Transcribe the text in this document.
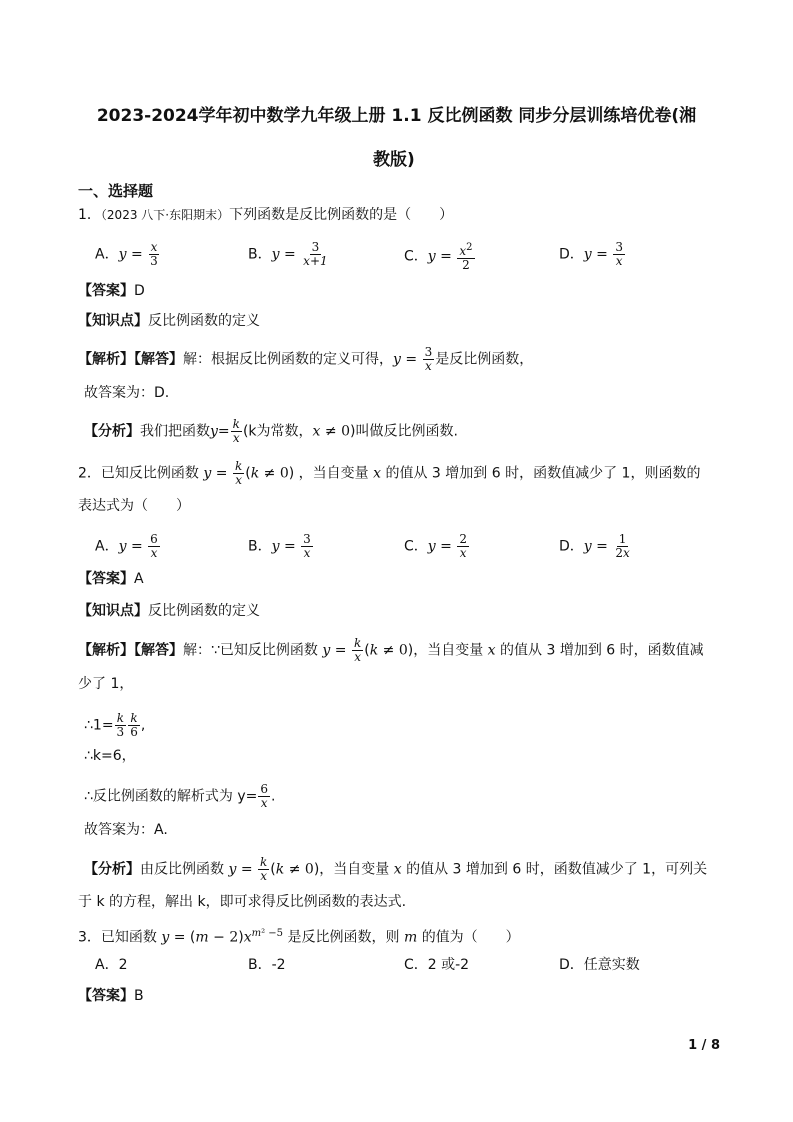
2023-2024学年初中数学九年级上册 1.1 反比例函数 同步分层训练培优卷(湘
教版)
一、选择题
1．（2023 八下·东阳期末）下列函数是反比例函数的是（　　）
A．$y = \frac{x}{3}$	B．$y = \frac{3}{x+1}$	C．$y = \frac{x^2}{2}$	D．$y = \frac{3}{x}$
【答案】D
【知识点】反比例函数的定义
【解析】【解答】解：根据反比例函数的定义可得，$y = \frac{3}{x}$ 是反比例函数，
故答案为：D.
【分析】我们把函数$y= \frac{k}{x} (k$为常数，x ≠ 0)叫做反比例函数.
2．已知反比例函数 $y = \frac{k}{x} (k \ne 0)$ ，当自变量 x 的值从 3 增加到 6 时，函数值减少了 1，则函数的
表达式为（　　）
A．$y = \frac{6}{x}$	B．$y = \frac{3}{x}$	C．$y = \frac{2}{x}$	D．$y = \frac{1}{2x}$
【答案】A
【知识点】反比例函数的定义
【解析】【解答】解：∵已知反比例函数 $y = \frac{k}{x} (k \ne 0)$，当自变量 x 的值从 3 增加到 6 时，函数值减
少了 1，
∴1= $\frac{k}{3} \frac{k}{6}$ ,
∴k=6，
∴反比例函数的解析式为 $y= \frac{6}{x}$ .
故答案为：A.
【分析】由反比例函数 $y = \frac{k}{x} (k \ne 0)$，当自变量 x 的值从 3 增加到 6 时，函数值减少了 1，可列关
于 k 的方程，解出 k，即可求得反比例函数的表达式.
3．已知函数 $y = (m - 2)x^{m^2 -5}$ 是反比例函数，则 m 的值为（　　）
A．2	B．-2	C．2 或-2	D．任意实数
【答案】B
1 / 8
